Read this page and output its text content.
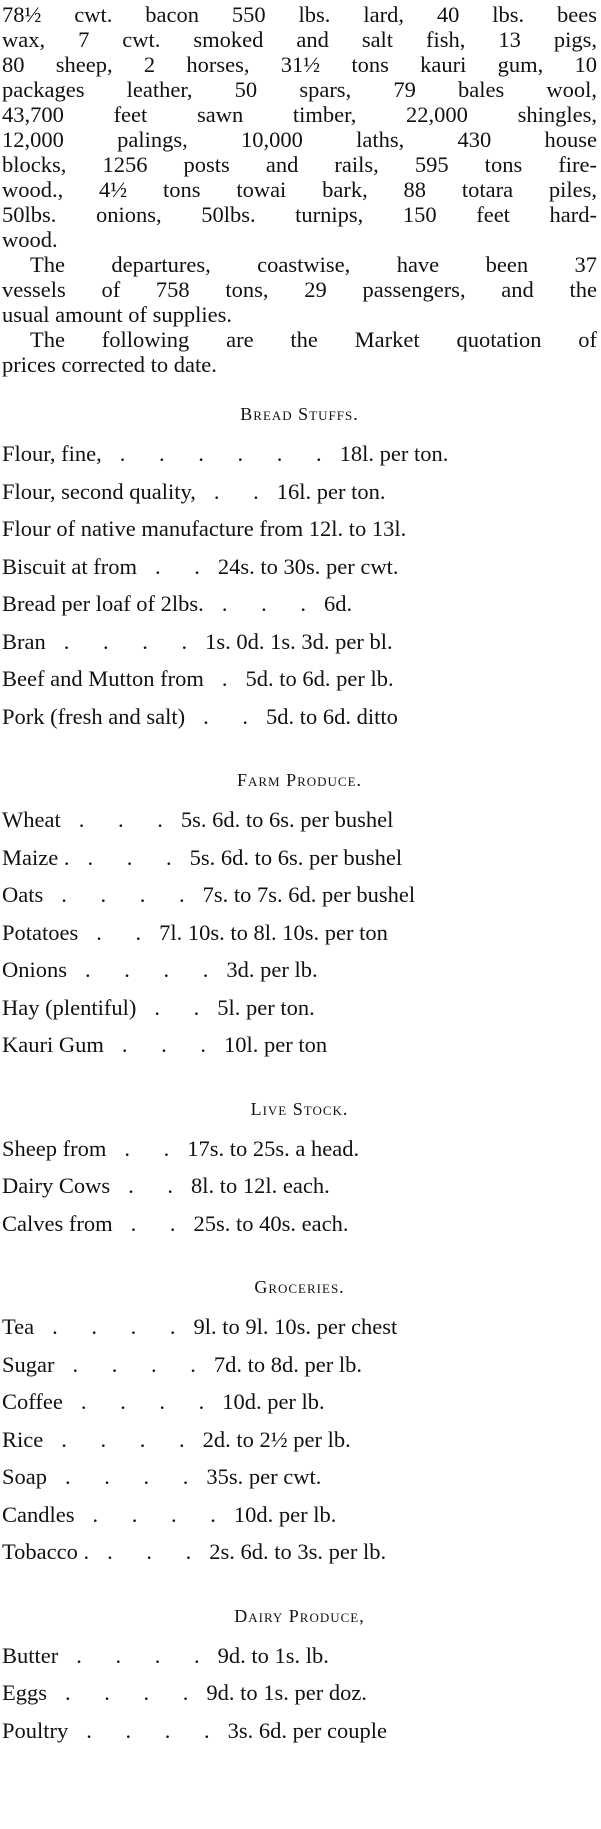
78½ cwt. bacon 550 lbs. lard, 40 lbs. bees
wax, 7 cwt. smoked and salt fish, 13 pigs,
80 sheep, 2 horses, 31½ tons kauri gum, 10
packages leather, 50 spars, 79 bales wool,
43,700 feet sawn timber, 22,000 shingles,
12,000 palings, 10,000 laths, 430 house
blocks, 1256 posts and rails, 595 tons fire-
wood., 4½ tons towai bark, 88 totara piles,
50lbs. onions, 50lbs. turnips, 150 feet hard-
wood.
The departures, coastwise, have been 37
vessels of 758 tons, 29 passengers, and the
usual amount of supplies.
The following are the Market quotation of
prices corrected to date.
Bread Stuffs.
Flour, fine, . . . . . . 18l. per ton.
Flour, second quality, . . 16l. per ton.
Flour of native manufacture from 12l. to 13l.
Biscuit at from . . 24s. to 30s. per cwt.
Bread per loaf of 2lbs. . . . 6d.
Bran . . . . 1s. 0d. 1s. 3d. per bl.
Beef and Mutton from . 5d. to 6d. per lb.
Pork (fresh and salt) . . 5d. to 6d. ditto
Farm Produce.
Wheat . . . 5s. 6d. to 6s. per bushel
Maize . . . . 5s. 6d. to 6s. per bushel
Oats . . . . 7s. to 7s. 6d. per bushel
Potatoes . . 7l. 10s. to 8l. 10s. per ton
Onions . . . . 3d. per lb.
Hay (plentiful) . . 5l. per ton.
Kauri Gum . . . 10l. per ton
Live Stock.
Sheep from . . 17s. to 25s. a head.
Dairy Cows . . 8l. to 12l. each.
Calves from . . 25s. to 40s. each.
Groceries.
Tea . . . . 9l. to 9l. 10s. per chest
Sugar . . . . 7d. to 8d. per lb.
Coffee . . . . 10d. per lb.
Rice . . . . 2d. to 2½ per lb.
Soap . . . . 35s. per cwt.
Candles . . . . 10d. per lb.
Tobacco . . . . 2s. 6d. to 3s. per lb.
Dairy Produce,
Butter . . . . 9d. to 1s. lb.
Eggs . . . . 9d. to 1s. per doz.
Poultry . . . . 3s. 6d. per couple
